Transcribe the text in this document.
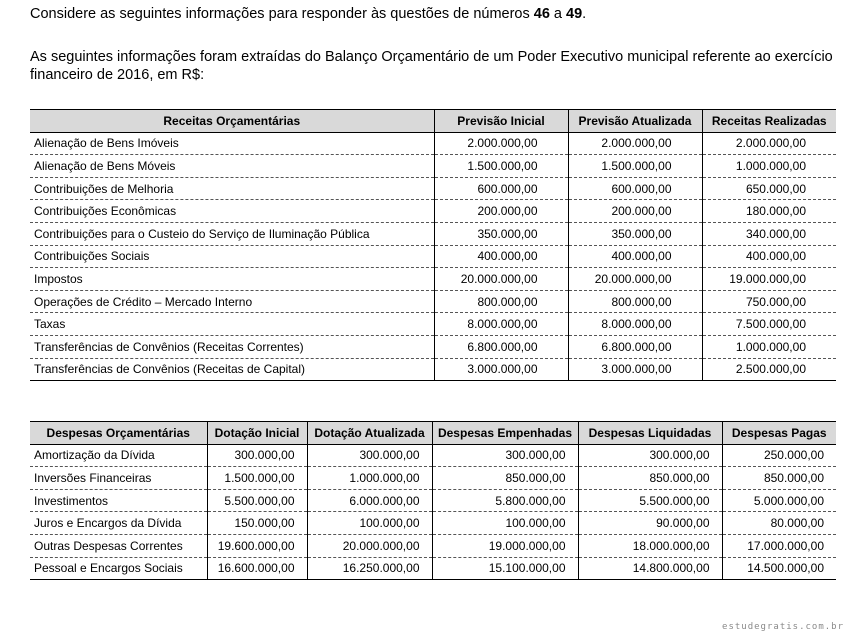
Considere as seguintes informações para responder às questões de números 46 a 49.

As seguintes informações foram extraídas do Balanço Orçamentário de um Poder Executivo municipal referente ao exercício financeiro de 2016, em R$:

Receitas Orçamentárias	Previsão Inicial	Previsão Atualizada	Receitas Realizadas
Alienação de Bens Imóveis	2.000.000,00	2.000.000,00	2.000.000,00
Alienação de Bens Móveis	1.500.000,00	1.500.000,00	1.000.000,00
Contribuições de Melhoria	600.000,00	600.000,00	650.000,00
Contribuições Econômicas	200.000,00	200.000,00	180.000,00
Contribuições para o Custeio do Serviço de Iluminação Pública	350.000,00	350.000,00	340.000,00
Contribuições Sociais	400.000,00	400.000,00	400.000,00
Impostos	20.000.000,00	20.000.000,00	19.000.000,00
Operações de Crédito – Mercado Interno	800.000,00	800.000,00	750.000,00
Taxas	8.000.000,00	8.000.000,00	7.500.000,00
Transferências de Convênios (Receitas Correntes)	6.800.000,00	6.800.000,00	1.000.000,00
Transferências de Convênios (Receitas de Capital)	3.000.000,00	3.000.000,00	2.500.000,00
Despesas Orçamentárias	Dotação Inicial	Dotação Atualizada	Despesas Empenhadas	Despesas Liquidadas	Despesas Pagas
Amortização da Dívida	300.000,00	300.000,00	300.000,00	300.000,00	250.000,00
Inversões Financeiras	1.500.000,00	1.000.000,00	850.000,00	850.000,00	850.000,00
Investimentos	5.500.000,00	6.000.000,00	5.800.000,00	5.500.000,00	5.000.000,00
Juros e Encargos da Dívida	150.000,00	100.000,00	100.000,00	90.000,00	80.000,00
Outras Despesas Correntes	19.600.000,00	20.000.000,00	19.000.000,00	18.000.000,00	17.000.000,00
Pessoal e Encargos Sociais	16.600.000,00	16.250.000,00	15.100.000,00	14.800.000,00	14.500.000,00
estudegratis.com.br
